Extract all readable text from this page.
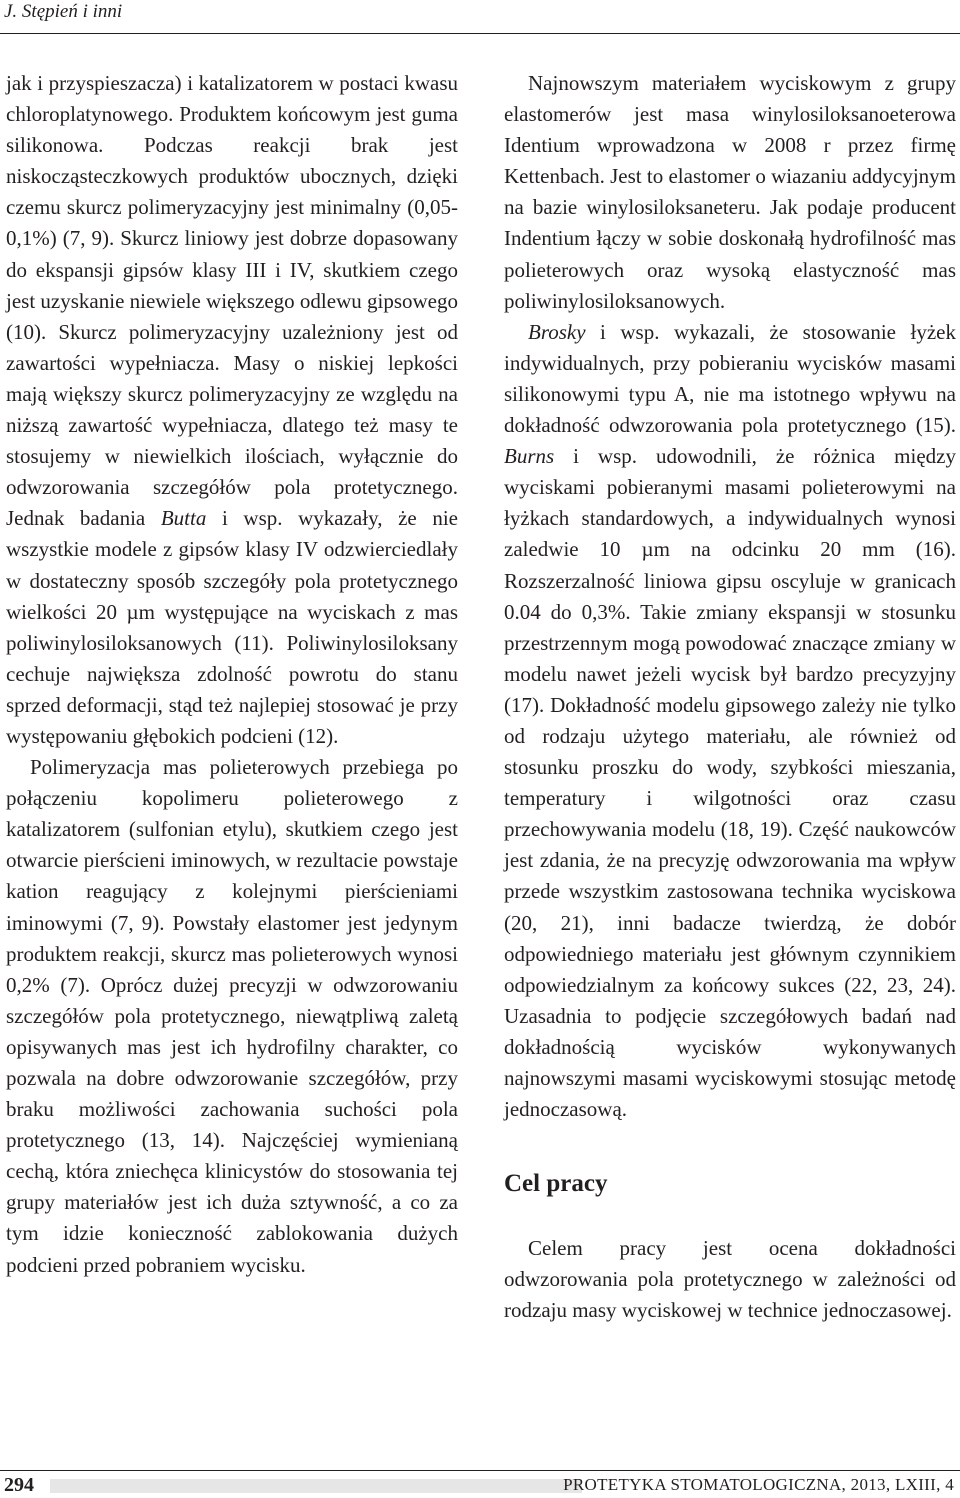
J. Stępień i inni

jak i przyspieszacza) i katalizatorem w postaci kwasu chloroplatynowego. Produktem końcowym jest guma silikonowa. Podczas reakcji brak jest niskocząsteczkowych produktów ubocznych, dzięki czemu skurcz polimeryzacyjny jest minimalny (0,05-0,1%) (7, 9). Skurcz liniowy jest dobrze dopasowany do ekspansji gipsów klasy III i IV, skutkiem czego jest uzyskanie niewiele większego odlewu gipsowego (10). Skurcz polimeryzacyjny uzależniony jest od zawartości wypełniacza. Masy o niskiej lepkości mają większy skurcz polimeryzacyjny ze względu na niższą zawartość wypełniacza, dlatego też masy te stosujemy w niewielkich ilościach, wyłącznie do odwzorowania szczegółów pola protetycznego. Jednak badania Butta i wsp. wykazały, że nie wszystkie modele z gipsów klasy IV odzwierciedlały w dostateczny sposób szczegóły pola protetycznego wielkości 20 µm występujące na wyciskach z mas poliwinylosiloksanowych (11). Poliwinylosiloksany cechuje największa zdolność powrotu do stanu sprzed deformacji, stąd też najlepiej stosować je przy występowaniu głębokich podcieni (12).

Polimeryzacja mas polieterowych przebiega po połączeniu kopolimeru polieterowego z katalizatorem (sulfonian etylu), skutkiem czego jest otwarcie pierścieni iminowych, w rezultacie powstaje kation reagujący z kolejnymi pierścieniami iminowymi (7, 9). Powstały elastomer jest jedynym produktem reakcji, skurcz mas polieterowych wynosi 0,2% (7). Oprócz dużej precyzji w odwzorowaniu szczegółów pola protetycznego, niewątpliwą zaletą opisywanych mas jest ich hydrofilny charakter, co pozwala na dobre odwzorowanie szczegółów, przy braku możliwości zachowania suchości pola protetycznego (13, 14). Najczęściej wymienianą cechą, która zniechęca klinicystów do stosowania tej grupy materiałów jest ich duża sztywność, a co za tym idzie konieczność zablokowania dużych podcieni przed pobraniem wycisku.

Najnowszym materiałem wyciskowym z grupy elastomerów jest masa winylosiloksanoeterowa Identium wprowadzona w 2008 r przez firmę Kettenbach. Jest to elastomer o wiazaniu addycyjnym na bazie winylosiloksaneteru. Jak podaje producent Indentium łączy w sobie doskonałą hydrofilność mas polieterowych oraz wysoką elastyczność mas poliwinylosiloksanowych.

Brosky i wsp. wykazali, że stosowanie łyżek indywidualnych, przy pobieraniu wycisków masami silikonowymi typu A, nie ma istotnego wpływu na dokładność odwzorowania pola protetycznego (15). Burns i wsp. udowodnili, że różnica między wyciskami pobieranymi masami polieterowymi na łyżkach standardowych, a indywidualnych wynosi zaledwie 10 µm na odcinku 20 mm (16). Rozszerzalność liniowa gipsu oscyluje w granicach 0.04 do 0,3%. Takie zmiany ekspansji w stosunku przestrzennym mogą powodować znaczące zmiany w modelu nawet jeżeli wycisk był bardzo precyzyjny (17). Dokładność modelu gipsowego zależy nie tylko od rodzaju użytego materiału, ale również od stosunku proszku do wody, szybkości mieszania, temperatury i wilgotności oraz czasu przechowywania modelu (18, 19). Część naukowców jest zdania, że na precyzję odwzorowania ma wpływ przede wszystkim zastosowana technika wyciskowa (20, 21), inni badacze twierdzą, że dobór odpowiedniego materiału jest głównym czynnikiem odpowiedzialnym za końcowy sukces (22, 23, 24). Uzasadnia to podjęcie szczegółowych badań nad dokładnością wycisków wykonywanych najnowszymi masami wyciskowymi stosując metodę jednoczasową.

Cel pracy

Celem pracy jest ocena dokładności odwzorowania pola protetycznego w zależności od rodzaju masy wyciskowej w technice jednoczasowej.

294	PROTETYKA STOMATOLOGICZNA, 2013, LXIII, 4
